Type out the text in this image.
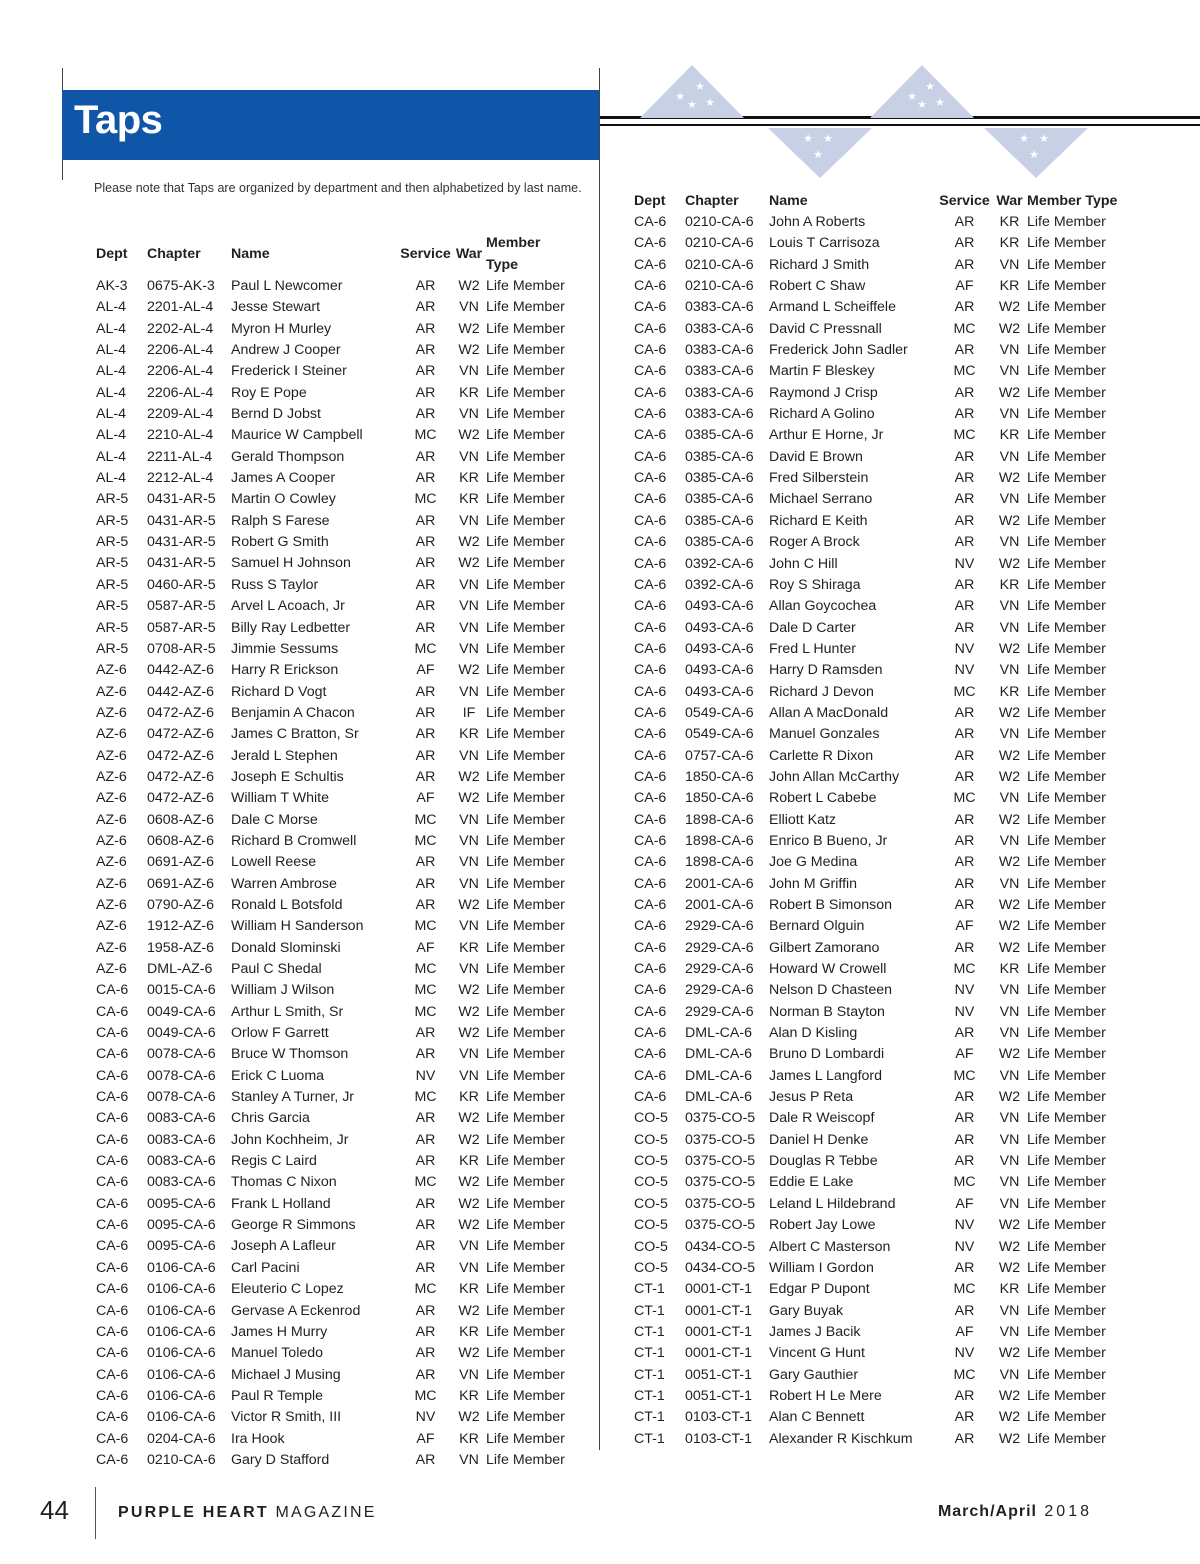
Taps
★
★
★ ★	★
★
★ ★
★ ★
★
★ ★
★

Please note that Taps are organized by department and then alphabetized by last name.

Dept	Chapter	Name	Service	War	Member Type
AK-3	0675-AK-3	Paul L Newcomer	AR	W2	Life Member
AL-4	2201-AL-4	Jesse Stewart	AR	VN	Life Member
AL-4	2202-AL-4	Myron H Murley	AR	W2	Life Member
AL-4	2206-AL-4	Andrew J Cooper	AR	W2	Life Member
AL-4	2206-AL-4	Frederick I Steiner	AR	VN	Life Member
AL-4	2206-AL-4	Roy E Pope	AR	KR	Life Member
AL-4	2209-AL-4	Bernd D Jobst	AR	VN	Life Member
AL-4	2210-AL-4	Maurice W Campbell	MC	W2	Life Member
AL-4	2211-AL-4	Gerald Thompson	AR	VN	Life Member
AL-4	2212-AL-4	James A Cooper	AR	KR	Life Member
AR-5	0431-AR-5	Martin O Cowley	MC	KR	Life Member
AR-5	0431-AR-5	Ralph S Farese	AR	VN	Life Member
AR-5	0431-AR-5	Robert G Smith	AR	W2	Life Member
AR-5	0431-AR-5	Samuel H Johnson	AR	W2	Life Member
AR-5	0460-AR-5	Russ S Taylor	AR	VN	Life Member
AR-5	0587-AR-5	Arvel L Acoach, Jr	AR	VN	Life Member
AR-5	0587-AR-5	Billy Ray Ledbetter	AR	VN	Life Member
AR-5	0708-AR-5	Jimmie Sessums	MC	VN	Life Member
AZ-6	0442-AZ-6	Harry R Erickson	AF	W2	Life Member
AZ-6	0442-AZ-6	Richard D Vogt	AR	VN	Life Member
AZ-6	0472-AZ-6	Benjamin A Chacon	AR	IF	Life Member
AZ-6	0472-AZ-6	James C Bratton, Sr	AR	KR	Life Member
AZ-6	0472-AZ-6	Jerald L Stephen	AR	VN	Life Member
AZ-6	0472-AZ-6	Joseph E Schultis	AR	W2	Life Member
AZ-6	0472-AZ-6	William T White	AF	W2	Life Member
AZ-6	0608-AZ-6	Dale C Morse	MC	VN	Life Member
AZ-6	0608-AZ-6	Richard B Cromwell	MC	VN	Life Member
AZ-6	0691-AZ-6	Lowell Reese	AR	VN	Life Member
AZ-6	0691-AZ-6	Warren Ambrose	AR	VN	Life Member
AZ-6	0790-AZ-6	Ronald L Botsfold	AR	W2	Life Member
AZ-6	1912-AZ-6	William H Sanderson	MC	VN	Life Member
AZ-6	1958-AZ-6	Donald Slominski	AF	KR	Life Member
AZ-6	DML-AZ-6	Paul C Shedal	MC	VN	Life Member
CA-6	0015-CA-6	William J Wilson	MC	W2	Life Member
CA-6	0049-CA-6	Arthur L Smith, Sr	MC	W2	Life Member
CA-6	0049-CA-6	Orlow F Garrett	AR	W2	Life Member
CA-6	0078-CA-6	Bruce W Thomson	AR	VN	Life Member
CA-6	0078-CA-6	Erick C Luoma	NV	VN	Life Member
CA-6	0078-CA-6	Stanley A Turner, Jr	MC	KR	Life Member
CA-6	0083-CA-6	Chris Garcia	AR	W2	Life Member
CA-6	0083-CA-6	John Kochheim, Jr	AR	W2	Life Member
CA-6	0083-CA-6	Regis C Laird	AR	KR	Life Member
CA-6	0083-CA-6	Thomas C Nixon	MC	W2	Life Member
CA-6	0095-CA-6	Frank L Holland	AR	W2	Life Member
CA-6	0095-CA-6	George R Simmons	AR	W2	Life Member
CA-6	0095-CA-6	Joseph A Lafleur	AR	VN	Life Member
CA-6	0106-CA-6	Carl Pacini	AR	VN	Life Member
CA-6	0106-CA-6	Eleuterio C Lopez	MC	KR	Life Member
CA-6	0106-CA-6	Gervase A Eckenrod	AR	W2	Life Member
CA-6	0106-CA-6	James H Murry	AR	KR	Life Member
CA-6	0106-CA-6	Manuel Toledo	AR	W2	Life Member
CA-6	0106-CA-6	Michael J Musing	AR	VN	Life Member
CA-6	0106-CA-6	Paul R Temple	MC	KR	Life Member
CA-6	0106-CA-6	Victor R Smith, III	NV	W2	Life Member
CA-6	0204-CA-6	Ira Hook	AF	KR	Life Member
CA-6	0210-CA-6	Gary D Stafford	AR	VN	Life Member
Dept	Chapter	Name	Service	War	Member Type
CA-6	0210-CA-6	John A Roberts	AR	KR	Life Member
CA-6	0210-CA-6	Louis T Carrisoza	AR	KR	Life Member
CA-6	0210-CA-6	Richard J Smith	AR	VN	Life Member
CA-6	0210-CA-6	Robert C Shaw	AF	KR	Life Member
CA-6	0383-CA-6	Armand L Scheiffele	AR	W2	Life Member
CA-6	0383-CA-6	David C Pressnall	MC	W2	Life Member
CA-6	0383-CA-6	Frederick John Sadler	AR	VN	Life Member
CA-6	0383-CA-6	Martin F Bleskey	MC	VN	Life Member
CA-6	0383-CA-6	Raymond J Crisp	AR	W2	Life Member
CA-6	0383-CA-6	Richard A Golino	AR	VN	Life Member
CA-6	0385-CA-6	Arthur E Horne, Jr	MC	KR	Life Member
CA-6	0385-CA-6	David E Brown	AR	VN	Life Member
CA-6	0385-CA-6	Fred Silberstein	AR	W2	Life Member
CA-6	0385-CA-6	Michael Serrano	AR	VN	Life Member
CA-6	0385-CA-6	Richard E Keith	AR	W2	Life Member
CA-6	0385-CA-6	Roger A Brock	AR	VN	Life Member
CA-6	0392-CA-6	John C Hill	NV	W2	Life Member
CA-6	0392-CA-6	Roy S Shiraga	AR	KR	Life Member
CA-6	0493-CA-6	Allan Goycochea	AR	VN	Life Member
CA-6	0493-CA-6	Dale D Carter	AR	VN	Life Member
CA-6	0493-CA-6	Fred L Hunter	NV	W2	Life Member
CA-6	0493-CA-6	Harry D Ramsden	NV	VN	Life Member
CA-6	0493-CA-6	Richard J Devon	MC	KR	Life Member
CA-6	0549-CA-6	Allan A MacDonald	AR	W2	Life Member
CA-6	0549-CA-6	Manuel Gonzales	AR	VN	Life Member
CA-6	0757-CA-6	Carlette R Dixon	AR	W2	Life Member
CA-6	1850-CA-6	John Allan McCarthy	AR	W2	Life Member
CA-6	1850-CA-6	Robert L Cabebe	MC	VN	Life Member
CA-6	1898-CA-6	Elliott Katz	AR	W2	Life Member
CA-6	1898-CA-6	Enrico B Bueno, Jr	AR	VN	Life Member
CA-6	1898-CA-6	Joe G Medina	AR	W2	Life Member
CA-6	2001-CA-6	John M Griffin	AR	VN	Life Member
CA-6	2001-CA-6	Robert B Simonson	AR	W2	Life Member
CA-6	2929-CA-6	Bernard Olguin	AF	W2	Life Member
CA-6	2929-CA-6	Gilbert Zamorano	AR	W2	Life Member
CA-6	2929-CA-6	Howard W Crowell	MC	KR	Life Member
CA-6	2929-CA-6	Nelson D Chasteen	NV	VN	Life Member
CA-6	2929-CA-6	Norman B Stayton	NV	VN	Life Member
CA-6	DML-CA-6	Alan D Kisling	AR	VN	Life Member
CA-6	DML-CA-6	Bruno D Lombardi	AF	W2	Life Member
CA-6	DML-CA-6	James L Langford	MC	VN	Life Member
CA-6	DML-CA-6	Jesus P Reta	AR	W2	Life Member
CO-5	0375-CO-5	Dale R Weiscopf	AR	VN	Life Member
CO-5	0375-CO-5	Daniel H Denke	AR	VN	Life Member
CO-5	0375-CO-5	Douglas R Tebbe	AR	VN	Life Member
CO-5	0375-CO-5	Eddie E Lake	MC	VN	Life Member
CO-5	0375-CO-5	Leland L Hildebrand	AF	VN	Life Member
CO-5	0375-CO-5	Robert Jay Lowe	NV	W2	Life Member
CO-5	0434-CO-5	Albert C Masterson	NV	W2	Life Member
CO-5	0434-CO-5	William I Gordon	AR	W2	Life Member
CT-1	0001-CT-1	Edgar P Dupont	MC	KR	Life Member
CT-1	0001-CT-1	Gary Buyak	AR	VN	Life Member
CT-1	0001-CT-1	James J Bacik	AF	VN	Life Member
CT-1	0001-CT-1	Vincent G Hunt	NV	W2	Life Member
CT-1	0051-CT-1	Gary Gauthier	MC	VN	Life Member
CT-1	0051-CT-1	Robert H Le Mere	AR	W2	Life Member
CT-1	0103-CT-1	Alan C Bennett	AR	W2	Life Member
CT-1	0103-CT-1	Alexander R Kischkum	AR	W2	Life Member

44	PURPLE HEART MAGAZINE	March/April 2018
